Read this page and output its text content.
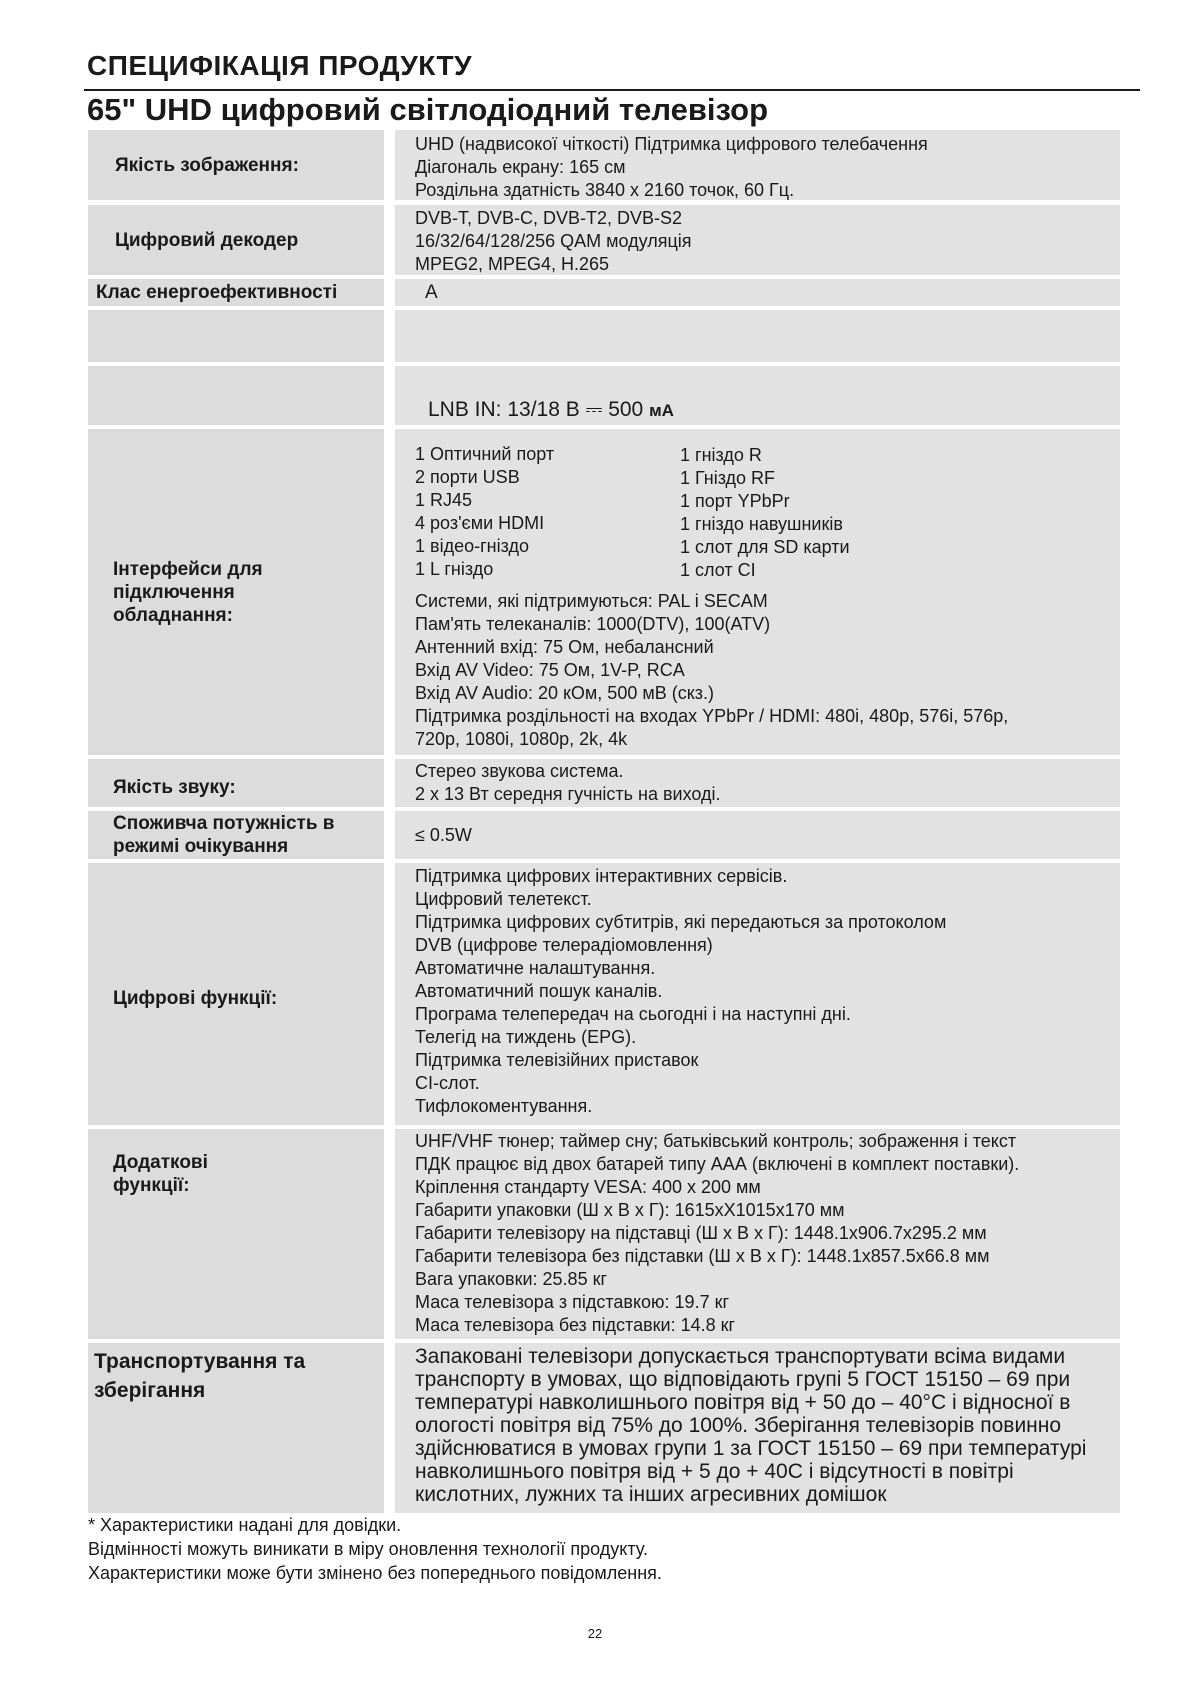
СПЕЦИФІКАЦІЯ ПРОДУКТУ
65" UHD цифровий світлодіодний телевізор
Якість зображення:
UHD (надвисокої чіткості) Підтримка цифрового телебачення
Діагональ екрану: 165 см
Роздільна здатність 3840 x 2160 точок, 60 Гц.
Цифровий декодер
DVB-T, DVB-C, DVB-T2, DVB-S2
16/32/64/128/256 QAM модуляція
MPEG2, MPEG4, H.265
Клас енергоефективності	A
LNB IN: 13/18 В ⎓ 500 мА
Інтерфейси для підключення обладнання:
1 Оптичний порт
2 порти USB
1 RJ45
4 роз'єми HDMI
1 відео-гніздо
1 L гніздо
1 гніздо R
1 Гніздо RF
1 порт YPbPr
1 гніздо навушників
1 слот для SD карти
1 слот CI
Системи, які підтримуються: PAL і SECAM
Пам'ять телеканалів: 1000(DTV), 100(ATV)
Антенний вхід: 75 Ом, небалансний
Вхід AV Video: 75 Ом, 1V-P, RCA
Вхід AV Audio: 20 кОм, 500 мВ (скз.)
Підтримка роздільності на входах YPbPr / HDMI: 480i, 480p, 576i, 576p,
720p, 1080i, 1080p, 2k, 4k
Якість звуку:
Стерео звукова система.
2 x 13 Вт середня гучність на виході.
Споживча потужність в режимі очікування
≤ 0.5W
Цифрові функції:
Підтримка цифрових інтерактивних сервісів.
Цифровий телетекст.
Підтримка цифрових субтитрів, які передаються за протоколом
DVB (цифрове телерадіомовлення)
Автоматичне налаштування.
Автоматичний пошук каналів.
Програма телепередач на сьогодні і на наступні дні.
Телегід на тиждень (EPG).
Підтримка телевізійних приставок
CI-слот.
Тифлокоментування.
Додаткові функції:
UHF/VHF тюнер; таймер сну; батьківський контроль; зображення і текст
ПДК працює від двох батарей типу ААА (включені в комплект поставки).
Кріплення стандарту VESA: 400 x 200 мм
Габарити упаковки (Ш x В x Г): 1615xX1015x170 мм
Габарити телевізору на підставці (Ш x В x Г): 1448.1x906.7x295.2 мм
Габарити телевізора без підставки (Ш x В x Г): 1448.1x857.5x66.8 мм
Вага упаковки: 25.85 кг
Маса телевізора з підставкою: 19.7 кг
Маса телевізора без підставки: 14.8 кг
Транспортування та зберігання
Запаковані телевізори допускається транспортувати всіма видами
транспорту в умовах, що відповідають групі 5 ГОСТ 15150 – 69 при
температурі навколишнього повітря від + 50 до – 40°C і відносної в
ологості повітря від 75% до 100%. Зберігання телевізорів повинно
здійснюватися в умовах групи 1 за ГОСТ 15150 – 69 при температурі
навколишнього повітря від + 5 до + 40С і відсутності в повітрі
кислотних, лужних та інших агресивних домішок
* Характеристики надані для довідки.
Відмінності можуть виникати в міру оновлення технології продукту.
Характеристики може бути змінено без попереднього повідомлення.
22
